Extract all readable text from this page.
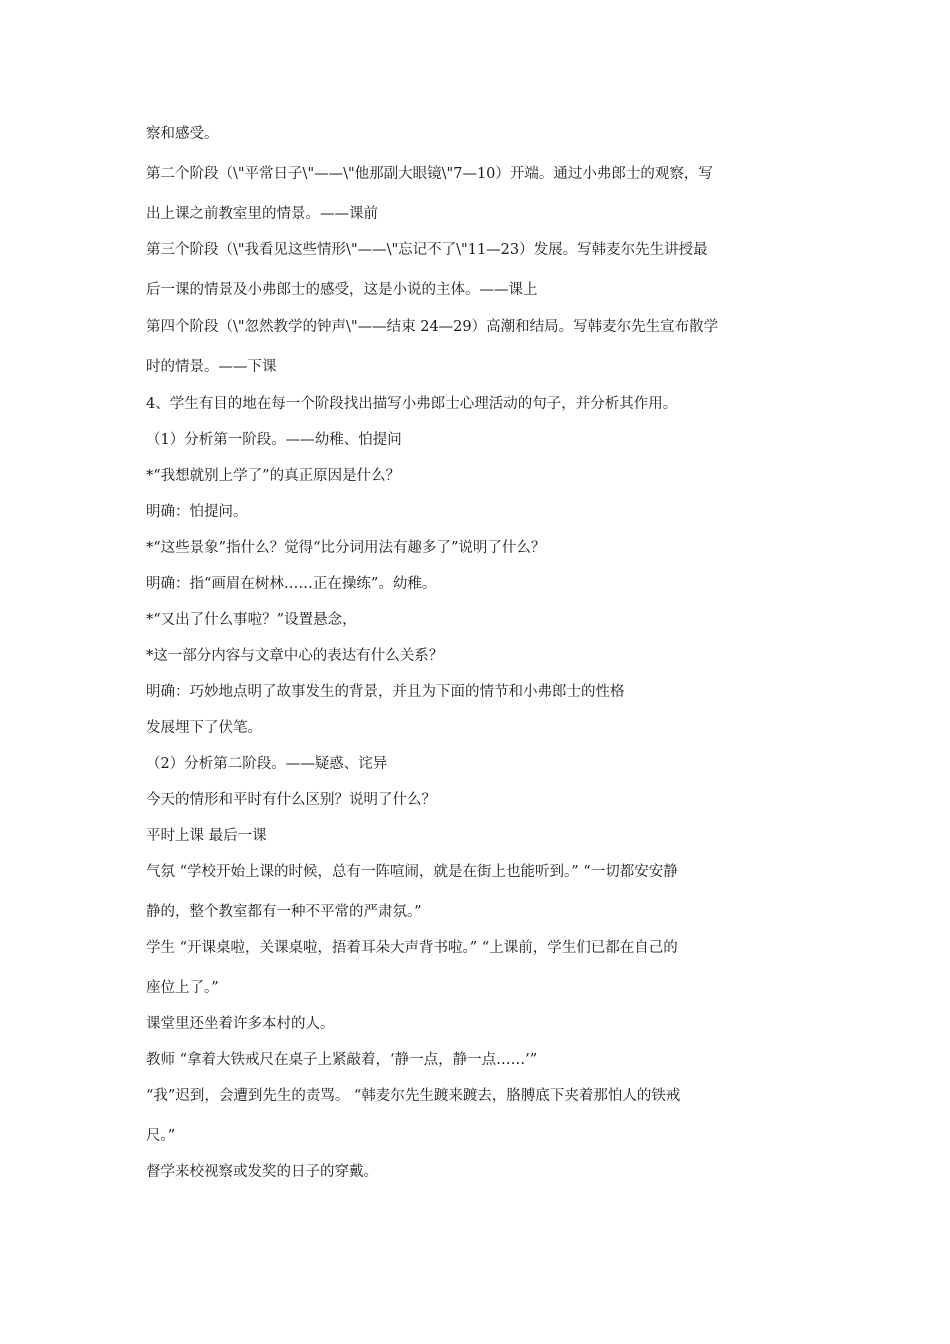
察和感受。
第二个阶段（\"平常日子\"——\"他那副大眼镜\"7—10）开端。通过小弗郎士的观察，写
出上课之前教室里的情景。——课前
第三个阶段（\"我看见这些情形\"——\"忘记不了\"11—23）发展。写韩麦尔先生讲授最
后一课的情景及小弗郎士的感受，这是小说的主体。——课上
第四个阶段（\"忽然教学的钟声\"——结束 24—29）高潮和结局。写韩麦尔先生宣布散学
时的情景。——下课
4、学生有目的地在每一个阶段找出描写小弗郎士心理活动的句子，并分析其作用。
（1）分析第一阶段。——幼稚、怕提问
*“我想就别上学了”的真正原因是什么？
明确：怕提问。
*“这些景象”指什么？觉得“比分词用法有趣多了”说明了什么？
明确：指“画眉在树林……正在操练”。幼稚。
*“又出了什么事啦？”设置悬念，
*这一部分内容与文章中心的表达有什么关系？
明确：巧妙地点明了故事发生的背景，并且为下面的情节和小弗郎士的性格
发展埋下了伏笔。
（2）分析第二阶段。——疑惑、诧异
今天的情形和平时有什么区别？说明了什么？
平时上课 最后一课
气氛 “学校开始上课的时候，总有一阵喧闹，就是在街上也能听到。” “一切都安安静
静的，整个教室都有一种不平常的严肃氛。”
学生 “开课桌啦，关课桌啦，捂着耳朵大声背书啦。” “上课前，学生们已都在自己的
座位上了。”
课堂里还坐着许多本村的人。
教师 “拿着大铁戒尺在桌子上紧敲着，‘静一点，静一点……’”
“我”迟到，会遭到先生的责骂。 “韩麦尔先生踱来踱去，胳膊底下夹着那怕人的铁戒
尺。”
督学来校视察或发奖的日子的穿戴。
